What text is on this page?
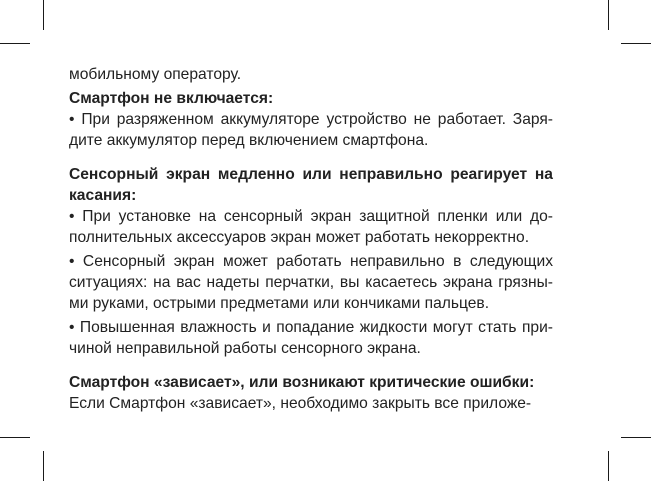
мобильному оператору.

Смартфон не включается:

• При разряженном аккумуляторе устройство не работает. Заря-дите аккумулятор перед включением смартфона.

Сенсорный экран медленно или неправильно реагирует на касания:

• При установке на сенсорный экран защитной пленки или до-полнительных аксессуаров экран может работать некорректно.

• Сенсорный экран может работать неправильно в следующих ситуациях: на вас надеты перчатки, вы касаетесь экрана грязны-ми руками, острыми предметами или кончиками пальцев.

• Повышенная влажность и попадание жидкости могут стать при-чиной неправильной работы сенсорного экрана.

Смартфон «зависает», или возникают критические ошибки:

Если Смартфон «зависает», необходимо закрыть все приложе-
